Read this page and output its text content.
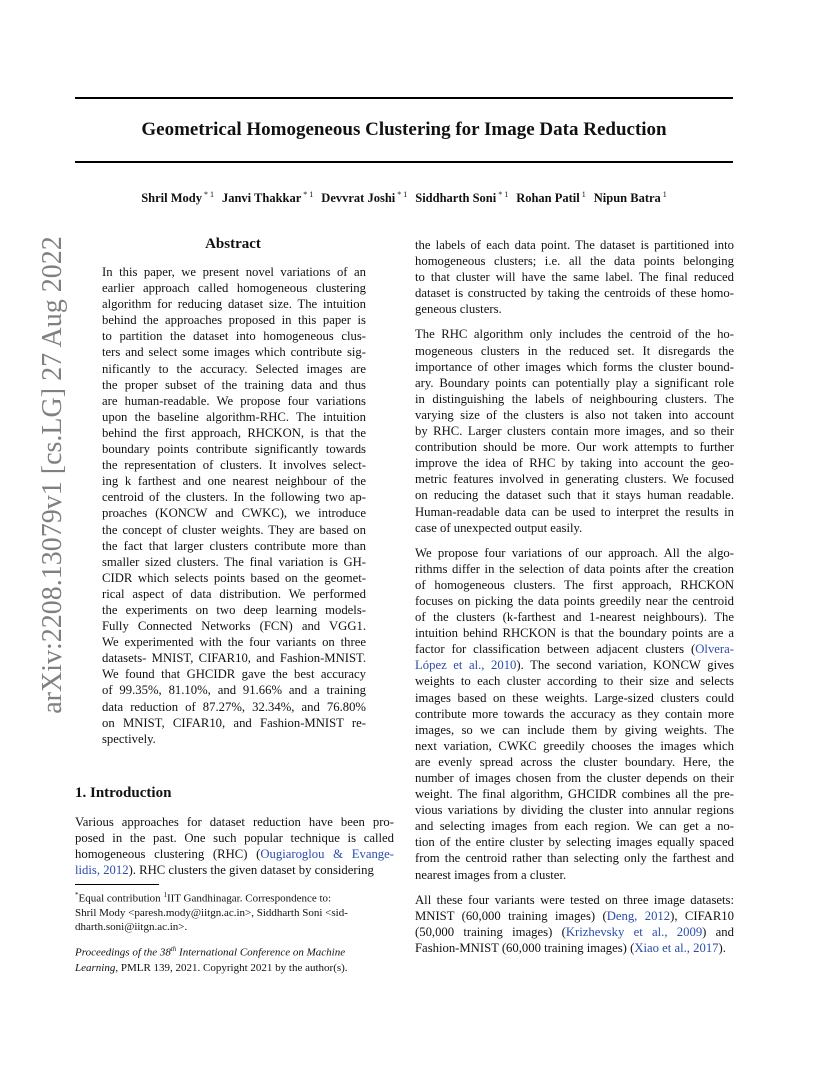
Geometrical Homogeneous Clustering for Image Data Reduction
Shril Mody $^{* 1}$ Janvi Thakkar $^{* 1}$ Devvrat Joshi $^{* 1}$ Siddharth Soni $^{* 1}$ Rohan Patil $^1$ Nipun Batra $^1$
arXiv:2208.13079v1 [cs.LG] 27 Aug 2022	Abstract
In this paper, we present novel variations of an
earlier approach called homogeneous clustering
algorithm for reducing dataset size. The intuition
behind the approaches proposed in this paper is
to partition the dataset into homogeneous clus-
ters and select some images which contribute sig-
nificantly to the accuracy. Selected images are
the proper subset of the training data and thus
are human-readable. We propose four variations
upon the baseline algorithm-RHC. The intuition
behind the first approach, RHCKON, is that the
boundary points contribute significantly towards
the representation of clusters. It involves select-
ing k farthest and one nearest neighbour of the
centroid of the clusters. In the following two ap-
proaches (KONCW and CWKC), we introduce
the concept of cluster weights. They are based on
the fact that larger clusters contribute more than
smaller sized clusters. The final variation is GH-
CIDR which selects points based on the geomet-
rical aspect of data distribution. We performed
the experiments on two deep learning models-
Fully Connected Networks (FCN) and VGG1.
We experimented with the four variants on three
datasets- MNIST, CIFAR10, and Fashion-MNIST.
We found that GHCIDR gave the best accuracy
of 99.35%, 81.10%, and 91.66% and a training
data reduction of 87.27%, 32.34%, and 76.80%
on MNIST, CIFAR10, and Fashion-MNIST re-
spectively.
1. Introduction
Various approaches for dataset reduction have been pro-
posed in the past. One such popular technique is called
homogeneous clustering (RHC) (Ougiaroglou & Evange-
lidis, 2012). RHC clusters the given dataset by considering
*Equal contribution $^1$IIT Gandhinagar. Correspondence to:
Shril Mody <paresh.mody@iitgn.ac.in>, Siddharth Soni <sid-
dharth.soni@iitgn.ac.in>.
Proceedings of the 38th International Conference on Machine
Learning, PMLR 139, 2021. Copyright 2021 by the author(s).

the labels of each data point. The dataset is partitioned into
homogeneous clusters; i.e. all the data points belonging
to that cluster will have the same label. The final reduced
dataset is constructed by taking the centroids of these homo-
geneous clusters.

The RHC algorithm only includes the centroid of the ho-
mogeneous clusters in the reduced set. It disregards the
importance of other images which forms the cluster bound-
ary. Boundary points can potentially play a significant role
in distinguishing the labels of neighbouring clusters. The
varying size of the clusters is also not taken into account
by RHC. Larger clusters contain more images, and so their
contribution should be more. Our work attempts to further
improve the idea of RHC by taking into account the geo-
metric features involved in generating clusters. We focused
on reducing the dataset such that it stays human readable.
Human-readable data can be used to interpret the results in
case of unexpected output easily.

We propose four variations of our approach. All the algo-
rithms differ in the selection of data points after the creation
of homogeneous clusters. The first approach, RHCKON
focuses on picking the data points greedily near the centroid
of the clusters (k-farthest and 1-nearest neighbours). The
intuition behind RHCKON is that the boundary points are a
factor for classification between adjacent clusters (Olvera-
López et al., 2010). The second variation, KONCW gives
weights to each cluster according to their size and selects
images based on these weights. Large-sized clusters could
contribute more towards the accuracy as they contain more
images, so we can include them by giving weights. The
next variation, CWKC greedily chooses the images which
are evenly spread across the cluster boundary. Here, the
number of images chosen from the cluster depends on their
weight. The final algorithm, GHCIDR combines all the pre-
vious variations by dividing the cluster into annular regions
and selecting images from each region. We can get a no-
tion of the entire cluster by selecting images equally spaced
from the centroid rather than selecting only the farthest and
nearest images from a cluster.

All these four variants were tested on three image datasets:
MNIST (60,000 training images) (Deng, 2012), CIFAR10
(50,000 training images) (Krizhevsky et al., 2009) and
Fashion-MNIST (60,000 training images) (Xiao et al., 2017).
